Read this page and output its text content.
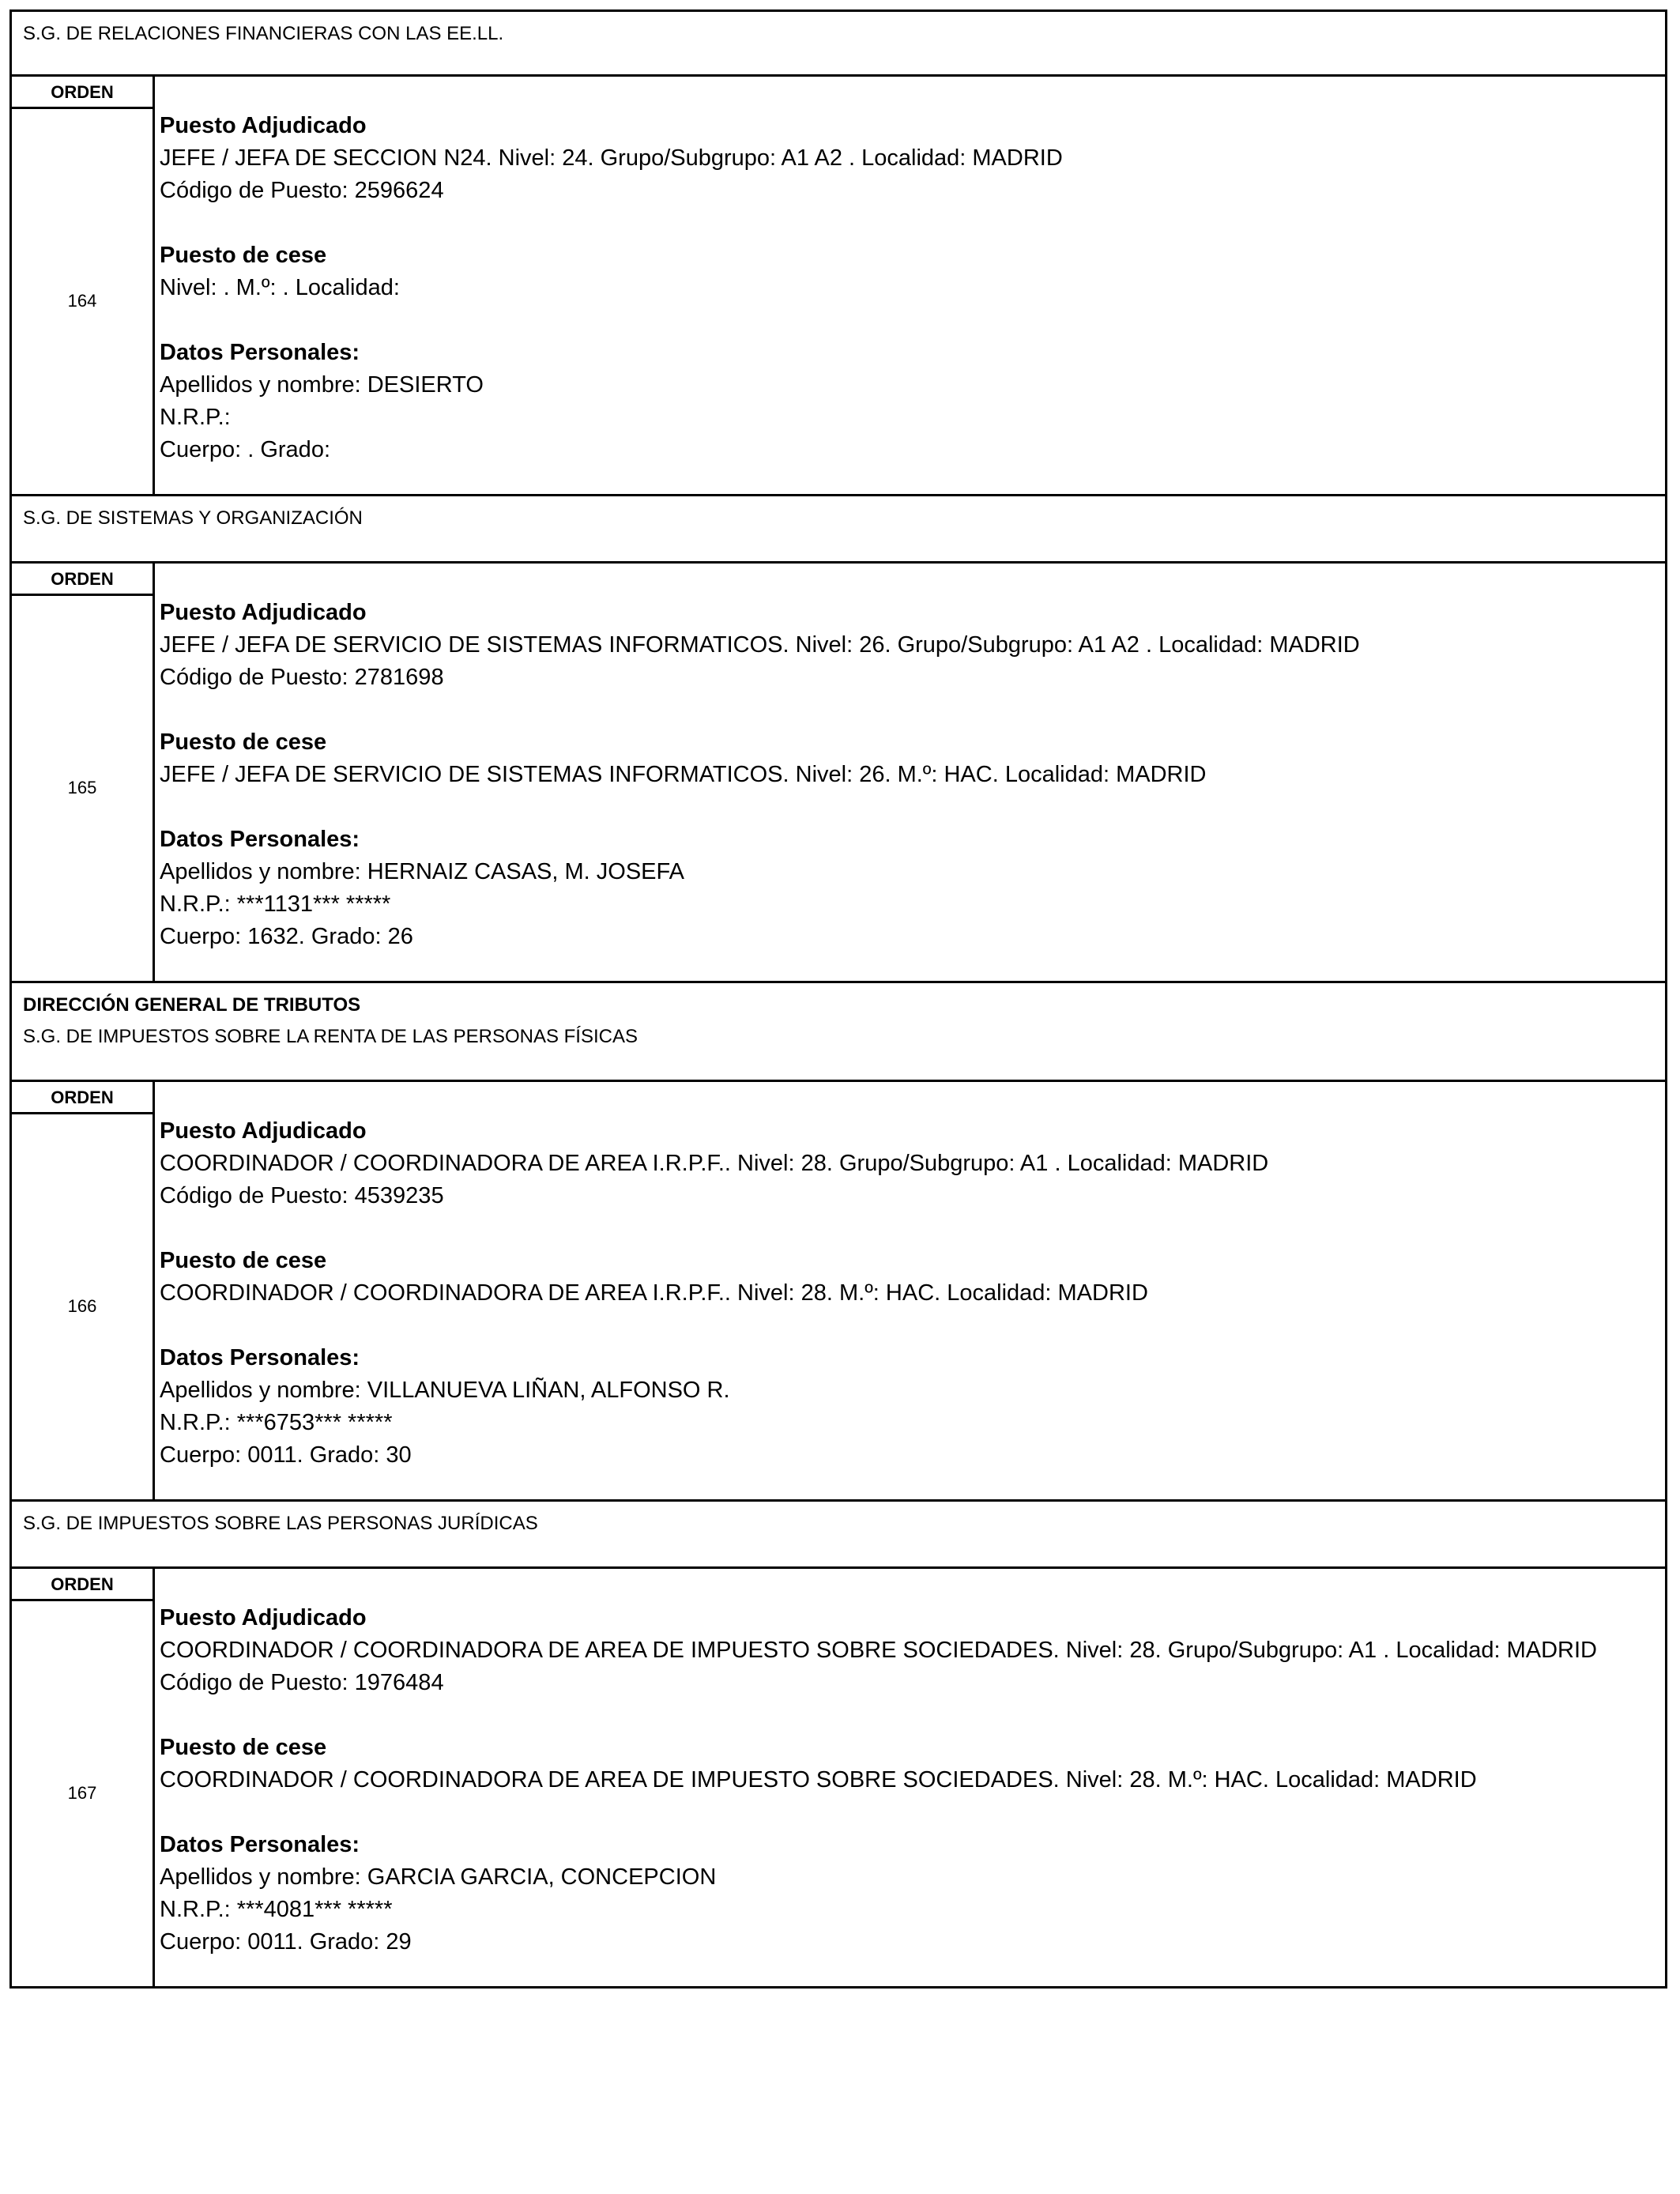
S.G. DE RELACIONES FINANCIERAS CON LAS EE.LL.
ORDEN
164
Puesto Adjudicado
JEFE / JEFA DE SECCION N24. Nivel: 24. Grupo/Subgrupo: A1 A2 . Localidad: MADRID
Código de Puesto: 2596624
Puesto de cese
Nivel: . M.º: . Localidad:
Datos Personales:
Apellidos y nombre: DESIERTO
N.R.P.:
Cuerpo: . Grado:
S.G. DE SISTEMAS Y ORGANIZACIÓN
ORDEN
165
Puesto Adjudicado
JEFE / JEFA DE SERVICIO DE SISTEMAS INFORMATICOS. Nivel: 26. Grupo/Subgrupo: A1 A2 . Localidad: MADRID
Código de Puesto: 2781698
Puesto de cese
JEFE / JEFA DE SERVICIO DE SISTEMAS INFORMATICOS. Nivel: 26. M.º: HAC. Localidad: MADRID
Datos Personales:
Apellidos y nombre: HERNAIZ CASAS, M. JOSEFA
N.R.P.: ***1131*** *****
Cuerpo: 1632. Grado: 26
DIRECCIÓN GENERAL DE TRIBUTOS
S.G. DE IMPUESTOS SOBRE LA RENTA DE LAS PERSONAS FÍSICAS
ORDEN
166
Puesto Adjudicado
COORDINADOR / COORDINADORA DE AREA I.R.P.F.. Nivel: 28. Grupo/Subgrupo: A1 . Localidad: MADRID
Código de Puesto: 4539235
Puesto de cese
COORDINADOR / COORDINADORA DE AREA I.R.P.F.. Nivel: 28. M.º: HAC. Localidad: MADRID
Datos Personales:
Apellidos y nombre: VILLANUEVA LIÑAN, ALFONSO R.
N.R.P.: ***6753*** *****
Cuerpo: 0011. Grado: 30
S.G. DE IMPUESTOS SOBRE LAS PERSONAS JURÍDICAS
ORDEN
167
Puesto Adjudicado
COORDINADOR / COORDINADORA DE AREA DE IMPUESTO SOBRE SOCIEDADES. Nivel: 28. Grupo/Subgrupo: A1 . Localidad: MADRID
Código de Puesto: 1976484
Puesto de cese
COORDINADOR / COORDINADORA DE AREA DE IMPUESTO SOBRE SOCIEDADES. Nivel: 28. M.º: HAC. Localidad: MADRID
Datos Personales:
Apellidos y nombre: GARCIA GARCIA, CONCEPCION
N.R.P.: ***4081*** *****
Cuerpo: 0011. Grado: 29
